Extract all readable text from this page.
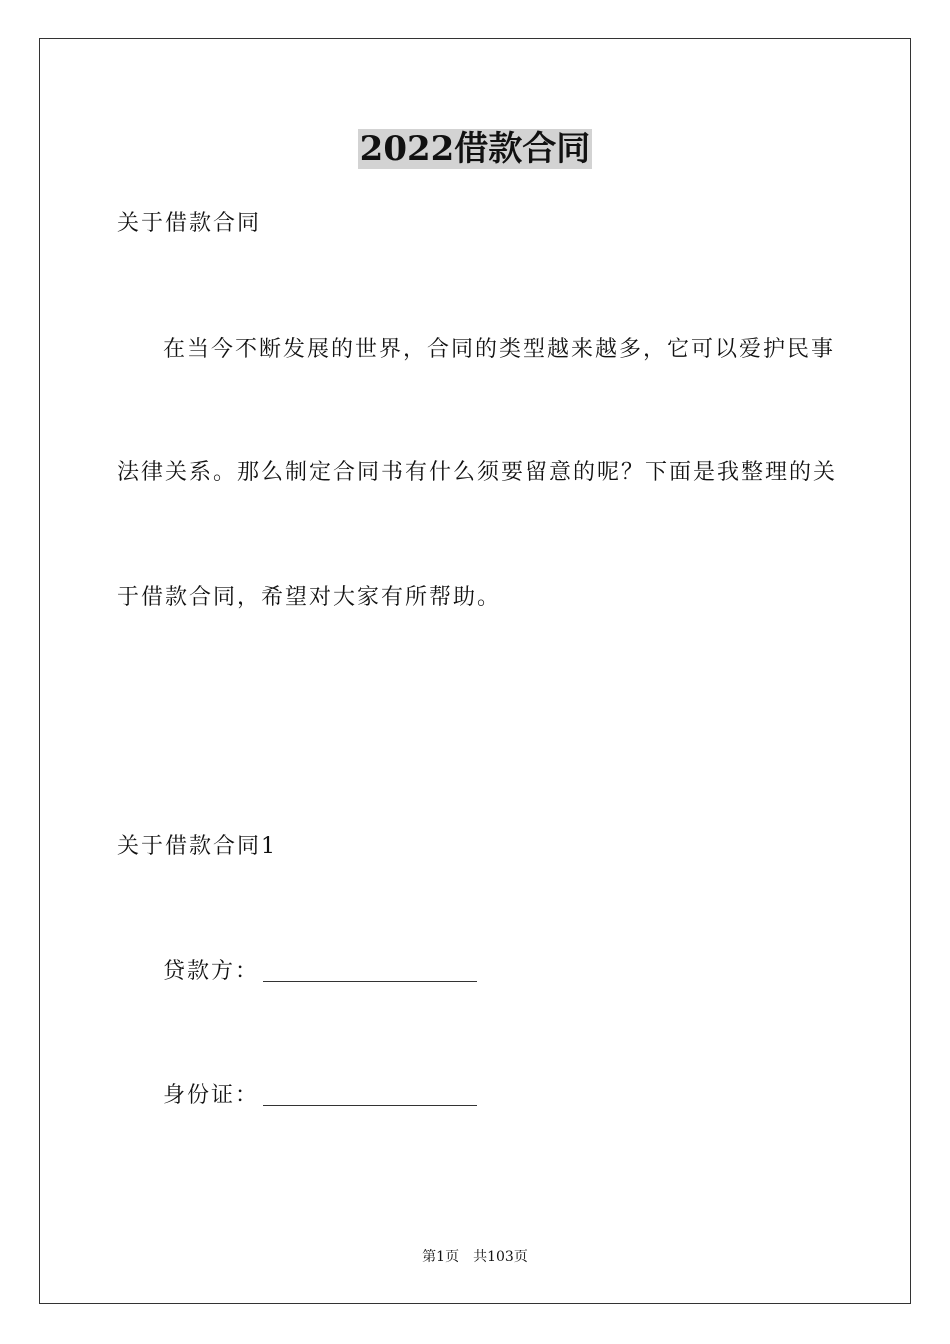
2022借款合同

关于借款合同

在当今不断发展的世界，合同的类型越来越多，它可以爱护民事

法律关系。那么制定合同书有什么须要留意的呢？下面是我整理的关

于借款合同，希望对大家有所帮助。

关于借款合同1

贷款方：
身份证：
第1页 共103页
